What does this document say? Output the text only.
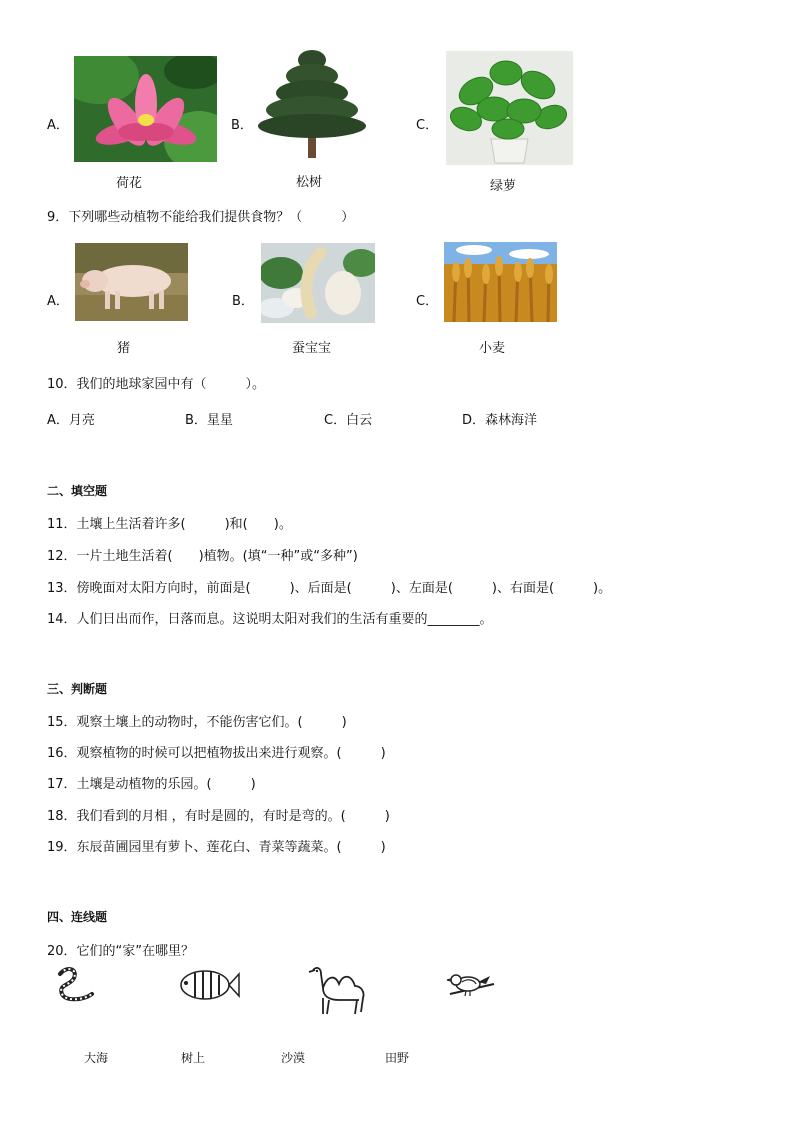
A．
荷花
B．
松树
C．
绿萝
9．下列哪些动植物不能给我们提供食物？（　　　）
A．
猪
B．
蚕宝宝
C．
小麦
10．我们的地球家园中有（　　　）。
A．月亮	B．星星	C．白云	D．森林海洋
二、填空题
11．土壤上生活着许多(　　　)和(　　)。
12．一片土地生活着(　　)植物。(填“一种”或“多种”)
13．傍晚面对太阳方向时，前面是(　　　)、后面是(　　　)、左面是(　　　)、右面是(　　　)。
14．人们日出而作，日落而息。这说明太阳对我们的生活有重要的________。
三、判断题
15．观察土壤上的动物时，不能伤害它们。(　　　)
16．观察植物的时候可以把植物拔出来进行观察。(　　　)
17．土壤是动植物的乐园。(　　　)
18．我们看到的月相 ，有时是圆的，有时是弯的。(　　　)
19．东辰苗圃园里有萝卜、莲花白、青菜等蔬菜。(　　　)
四、连线题
20．它们的“家”在哪里？
大海	树上	沙漠	田野
